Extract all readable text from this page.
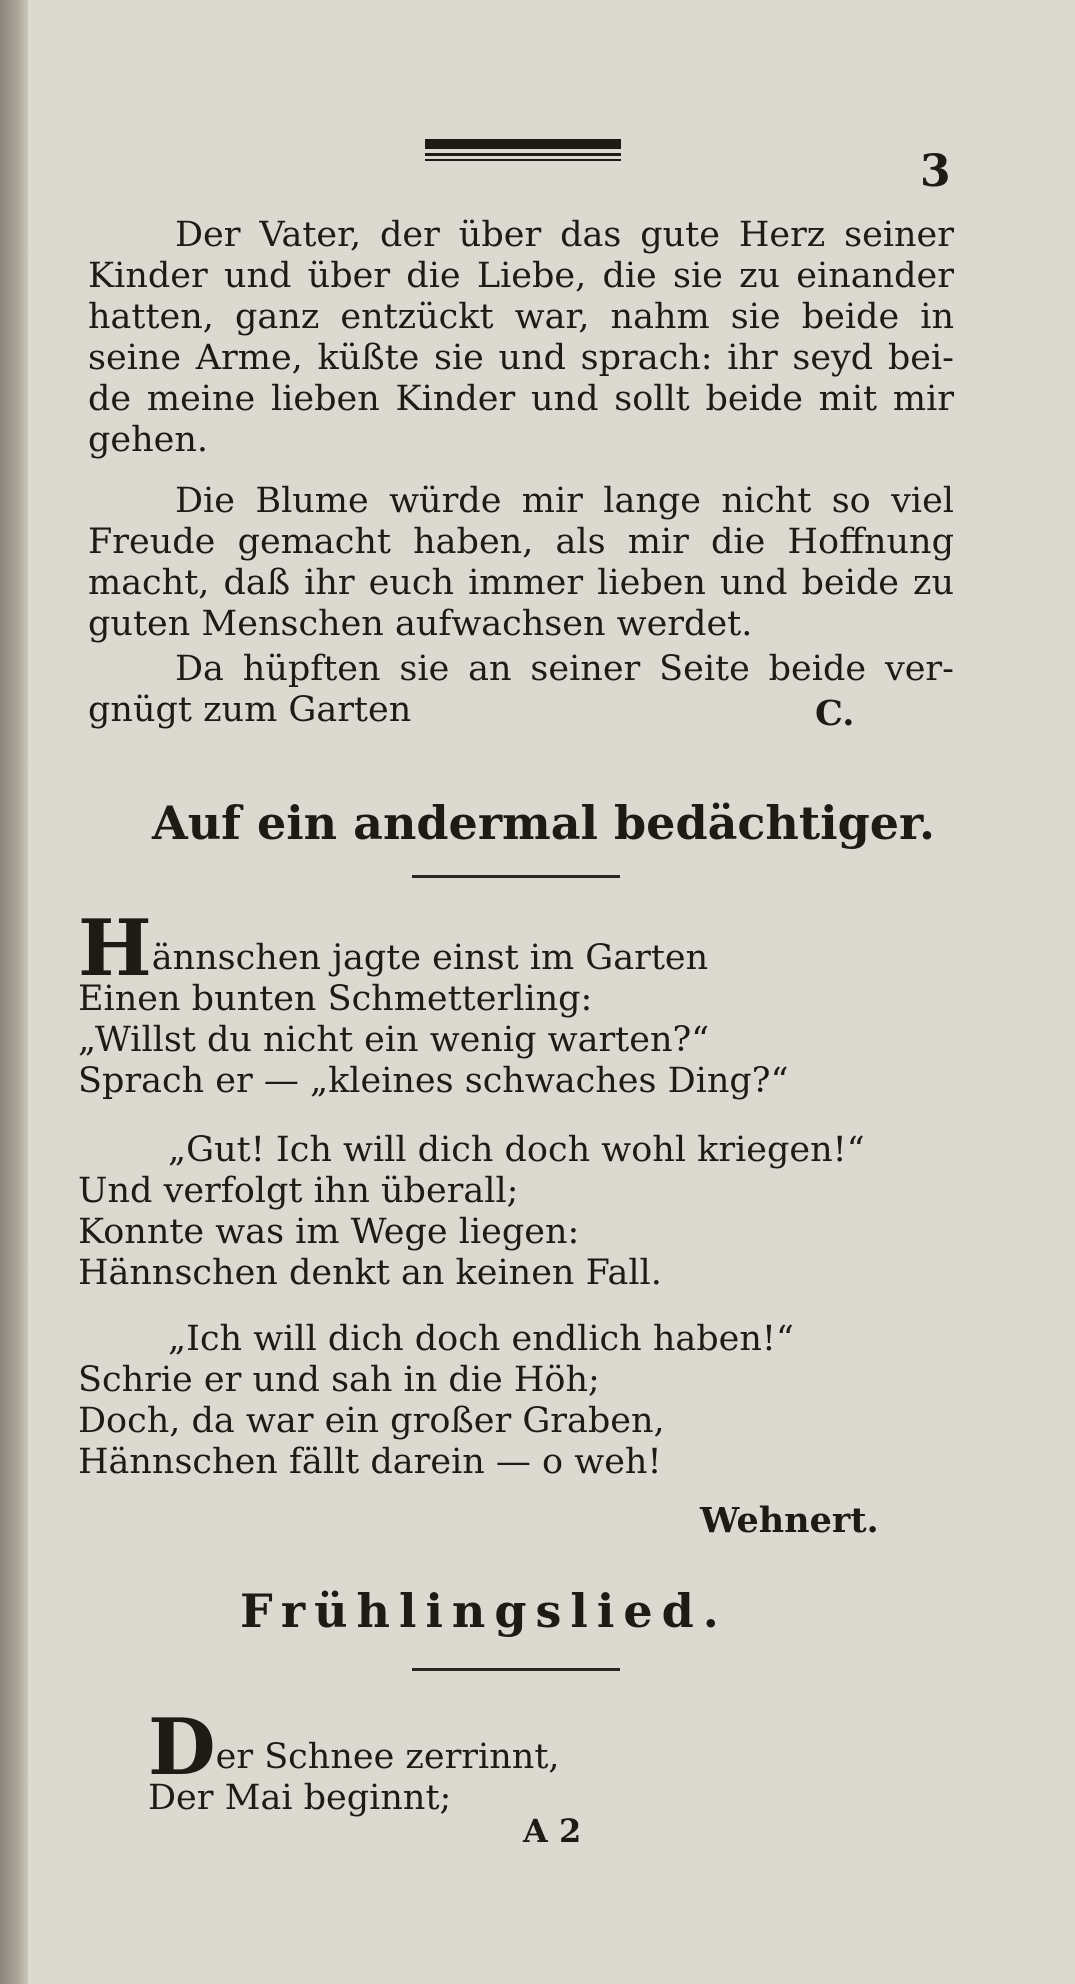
3
Der Vater, der über das gute Herz seiner
Kinder und über die Liebe, die sie zu einander
hatten, ganz entzückt war, nahm sie beide in
seine Arme, küßte sie und sprach: ihr seyd bei-
de meine lieben Kinder und sollt beide mit mir
gehen.
Die Blume würde mir lange nicht so viel
Freude gemacht haben, als mir die Hoffnung
macht, daß ihr euch immer lieben und beide zu
guten Menschen aufwachsen werdet.
Da hüpften sie an seiner Seite beide ver-
gnügt zum Garten	C.
Auf ein andermal bedächtiger.
Hännschen jagte einst im Garten
Einen bunten Schmetterling:
„Willst du nicht ein wenig warten?“
Sprach er — „kleines schwaches Ding?“
„Gut! Ich will dich doch wohl kriegen!“
Und verfolgt ihn überall;
Konnte was im Wege liegen:
Hännschen denkt an keinen Fall.
„Ich will dich doch endlich haben!“
Schrie er und sah in die Höh;
Doch, da war ein großer Graben,
Hännschen fällt darein — o weh!
Wehnert.
Frühlingslied.
Der Schnee zerrinnt,
Der Mai beginnt;
A 2
